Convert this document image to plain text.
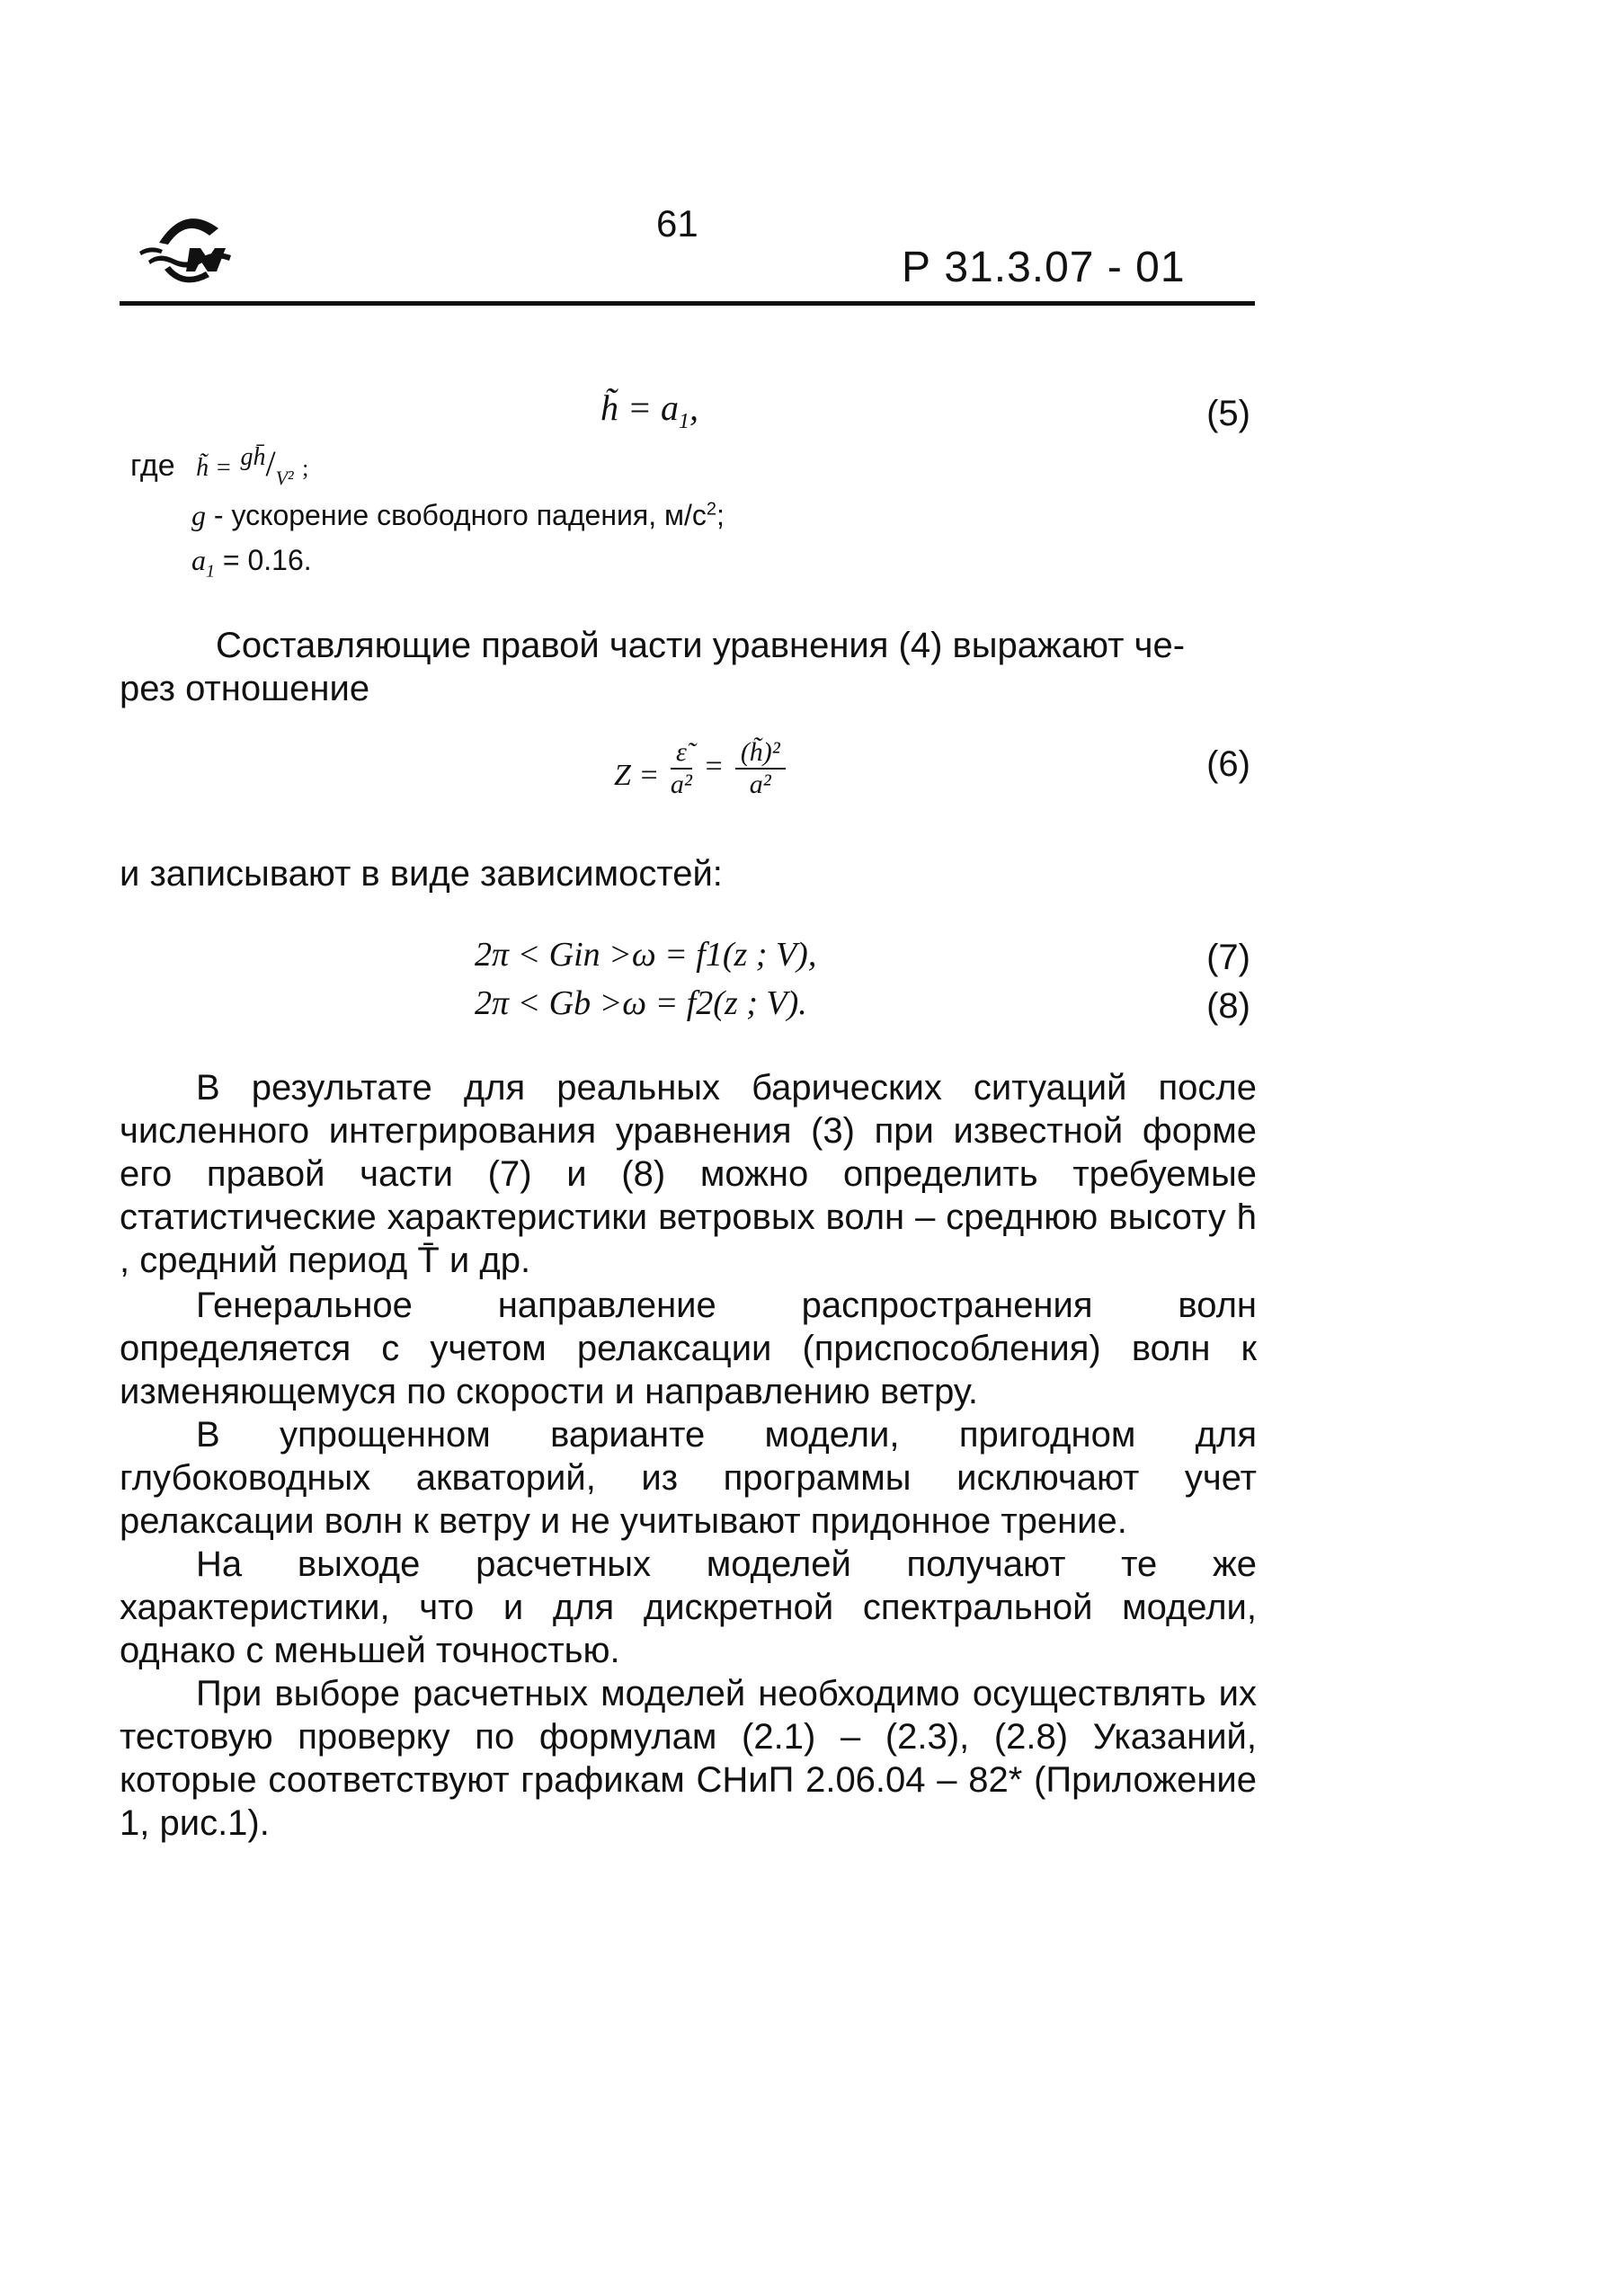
61
Р 31.3.07 - 01
h̃ = $a_1$,	(5)
где h̃ = $^{gh̄}/_{V^2}$ ;
g - ускорение свободного падения, $м/с^2$;
$a_1 = 0.16$.
Составляющие правой части уравнения (4) выражают че-
рез отношение
$Z = \frac{\varepsiloñ}{\text{a²}} = \frac{\text{(h̃)²}}{\text{a²}}$	(6)
и записывают в виде зависимостей:
2π < Gin >ω = f1(z ; V),	(7)
2π < Gb >ω = f2(z ; V).	(8)
В результате для реальных барических ситуаций после численного интегрирования уравнения (3) при известной форме его правой части (7) и (8) можно определить требуемые статистические характеристики ветровых волн – среднюю высоту h̄ , средний период T̄ и др.
Генеральное направление распространения волн определяется с учетом релаксации (приспособления) волн к изменяющемуся по скорости и направлению ветру.
В упрощенном варианте модели, пригодном для глубоководных акваторий, из программы исключают учет релаксации волн к ветру и не учитывают придонное трение.
На выходе расчетных моделей получают те же характеристики, что и для дискретной спектральной модели, однако с меньшей точностью.
При выборе расчетных моделей необходимо осуществлять их тестовую проверку по формулам (2.1) – (2.3), (2.8) Указаний, которые соответствуют графикам СНиП 2.06.04 – 82* (Приложение 1, рис.1).
